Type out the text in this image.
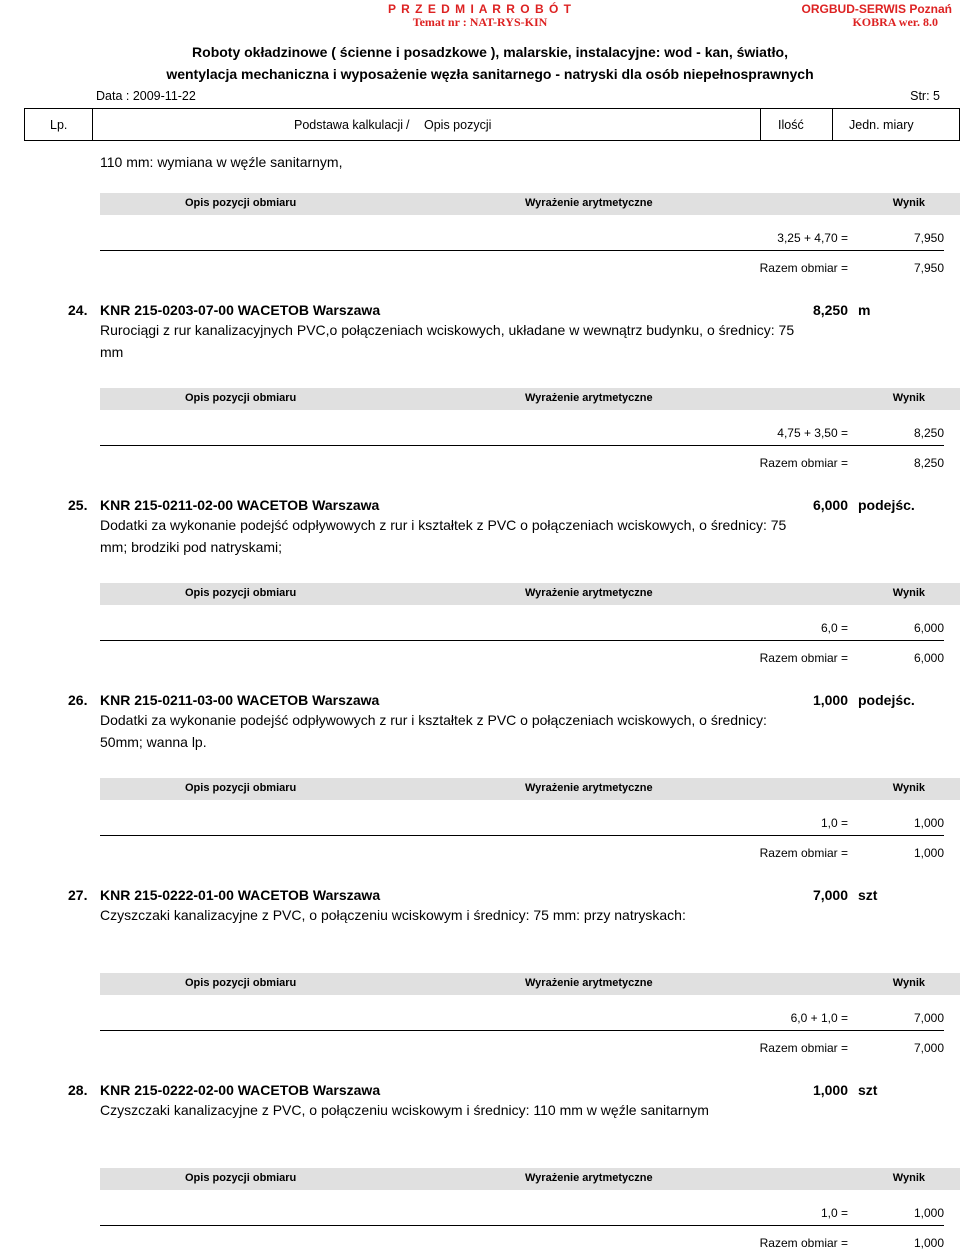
P R Z E D M I A R R O B Ó T
Temat nr : NAT-RYS-KIN
ORGBUD-SERWIS Poznań
KOBRA wer. 8.0
Roboty okładzinowe ( ścienne i posadzkowe ), malarskie, instalacyjne: wod - kan, światło,
wentylacja mechaniczna i wyposażenie węzła sanitarnego - natryski dla osób niepełnosprawnych
Data : 2009-11-22	Str: 5
Lp.	Podstawa kalkulacji / Opis pozycji	Ilość	Jedn. miary
110 mm: wymiana w węźle sanitarnym,
Opis pozycji obmiaru	Wyrażenie arytmetyczne	Wynik
3,25 + 4,70 =	7,950
Razem obmiar =	7,950
24. KNR 215-0203-07-00 WACETOB Warszawa	8,250 m
Rurociągi z rur kanalizacyjnych PVC,o połączeniach wciskowych, układane w wewnątrz budynku, o średnicy: 75 mm
Opis pozycji obmiaru	Wyrażenie arytmetyczne	Wynik
4,75 + 3,50 =	8,250
Razem obmiar =	8,250
25. KNR 215-0211-02-00 WACETOB Warszawa	6,000 podejśc.
Dodatki za wykonanie podejść odpływowych z rur i kształtek z PVC o połączeniach wciskowych, o średnicy: 75 mm; brodziki pod natryskami;
Opis pozycji obmiaru	Wyrażenie arytmetyczne	Wynik
6,0 =	6,000
Razem obmiar =	6,000
26. KNR 215-0211-03-00 WACETOB Warszawa	1,000 podejśc.
Dodatki za wykonanie podejść odpływowych z rur i kształtek z PVC o połączeniach wciskowych, o średnicy: 50mm; wanna lp.
Opis pozycji obmiaru	Wyrażenie arytmetyczne	Wynik
1,0 =	1,000
Razem obmiar =	1,000
27. KNR 215-0222-01-00 WACETOB Warszawa	7,000 szt
Czyszczaki kanalizacyjne z PVC, o połączeniu wciskowym i średnicy: 75 mm: przy natryskach:
Opis pozycji obmiaru	Wyrażenie arytmetyczne	Wynik
6,0 + 1,0 =	7,000
Razem obmiar =	7,000
28. KNR 215-0222-02-00 WACETOB Warszawa	1,000 szt
Czyszczaki kanalizacyjne z PVC, o połączeniu wciskowym i średnicy: 110 mm w węźle sanitarnym
Opis pozycji obmiaru	Wyrażenie arytmetyczne	Wynik
1,0 =	1,000
Razem obmiar =	1,000
